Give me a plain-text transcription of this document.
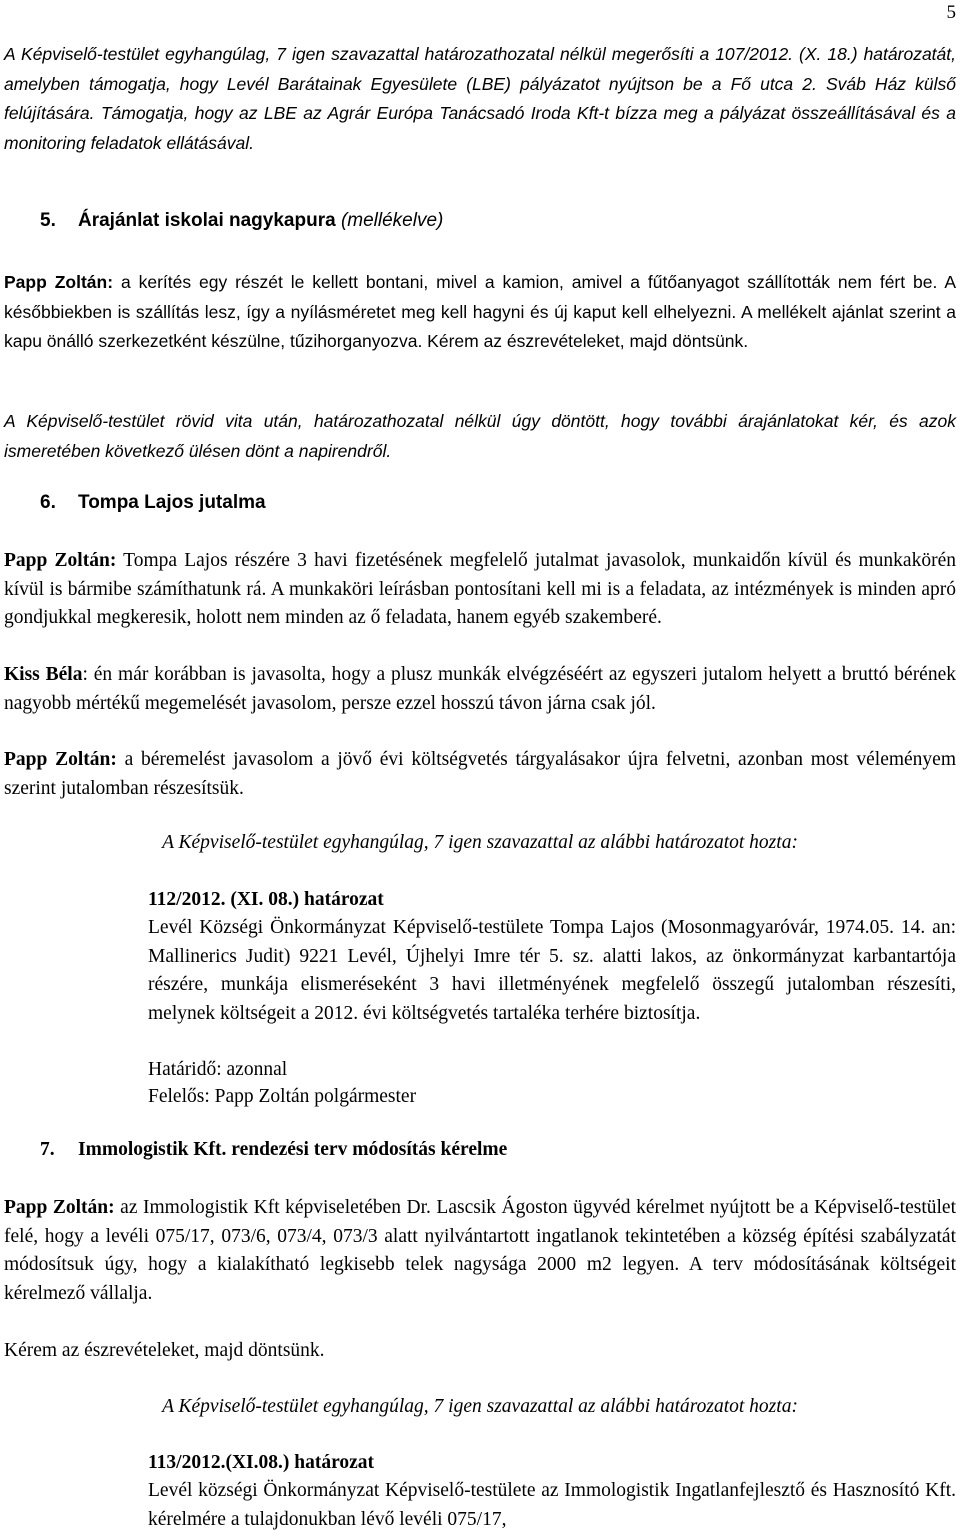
5

A Képviselő-testület egyhangúlag, 7 igen szavazattal határozathozatal nélkül megerősíti a 107/2012. (X. 18.) határozatát, amelyben támogatja, hogy Levél Barátainak Egyesülete (LBE) pályázatot nyújtson be a Fő utca 2. Sváb Ház külső felújítására. Támogatja, hogy az LBE az Agrár Európa Tanácsadó Iroda Kft-t bízza meg a pályázat összeállításával és a monitoring feladatok ellátásával.

5. Árajánlat iskolai nagykapura (mellékelve)

Papp Zoltán: a kerítés egy részét le kellett bontani, mivel a kamion, amivel a fűtőanyagot szállították nem fért be. A későbbiekben is szállítás lesz, így a nyílásméretet meg kell hagyni és új kaput kell elhelyezni. A mellékelt ajánlat szerint a kapu önálló szerkezetként készülne, tűzihorganyozva. Kérem az észrevételeket, majd döntsünk.

A Képviselő-testület rövid vita után, határozathozatal nélkül úgy döntött, hogy további árajánlatokat kér, és azok ismeretében következő ülésen dönt a napirendről.

6. Tompa Lajos jutalma

Papp Zoltán: Tompa Lajos részére 3 havi fizetésének megfelelő jutalmat javasolok, munkaidőn kívül és munkakörén kívül is bármibe számíthatunk rá. A munkaköri leírásban pontosítani kell mi is a feladata, az intézmények is minden apró gondjukkal megkeresik, holott nem minden az ő feladata, hanem egyéb szakemberé.

Kiss Béla: én már korábban is javasolta, hogy a plusz munkák elvégzéséért az egyszeri jutalom helyett a bruttó bérének nagyobb mértékű megemelését javasolom, persze ezzel hosszú távon járna csak jól.

Papp Zoltán: a béremelést javasolom a jövő évi költségvetés tárgyalásakor újra felvetni, azonban most véleményem szerint jutalomban részesítsük.

A Képviselő-testület egyhangúlag, 7 igen szavazattal az alábbi határozatot hozta:

112/2012. (XI. 08.) határozat

Levél Községi Önkormányzat Képviselő-testülete Tompa Lajos (Mosonmagyaróvár, 1974.05. 14. an: Mallinerics Judit) 9221 Levél, Újhelyi Imre tér 5. sz. alatti lakos, az önkormányzat karbantartója részére, munkája elismeréseként 3 havi illetményének megfelelő összegű jutalomban részesíti, melynek költségeit a 2012. évi költségvetés tartaléka terhére biztosítja.

Határidő: azonnal

Felelős: Papp Zoltán polgármester

7. Immologistik Kft. rendezési terv módosítás kérelme

Papp Zoltán: az Immologistik Kft képviseletében Dr. Lascsik Ágoston ügyvéd kérelmet nyújtott be a Képviselő-testület felé, hogy a levéli 075/17, 073/6, 073/4, 073/3 alatt nyilvántartott ingatlanok tekintetében a község építési szabályzatát módosítsuk úgy, hogy a kialakítható legkisebb telek nagysága 2000 m2 legyen. A terv módosításának költségeit kérelmező vállalja.

Kérem az észrevételeket, majd döntsünk.

A Képviselő-testület egyhangúlag, 7 igen szavazattal az alábbi határozatot hozta:

113/2012.(XI.08.) határozat

Levél községi Önkormányzat Képviselő-testülete az Immologistik Ingatlanfejlesztő és Hasznosító Kft. kérelmére a tulajdonukban lévő levéli 075/17,
